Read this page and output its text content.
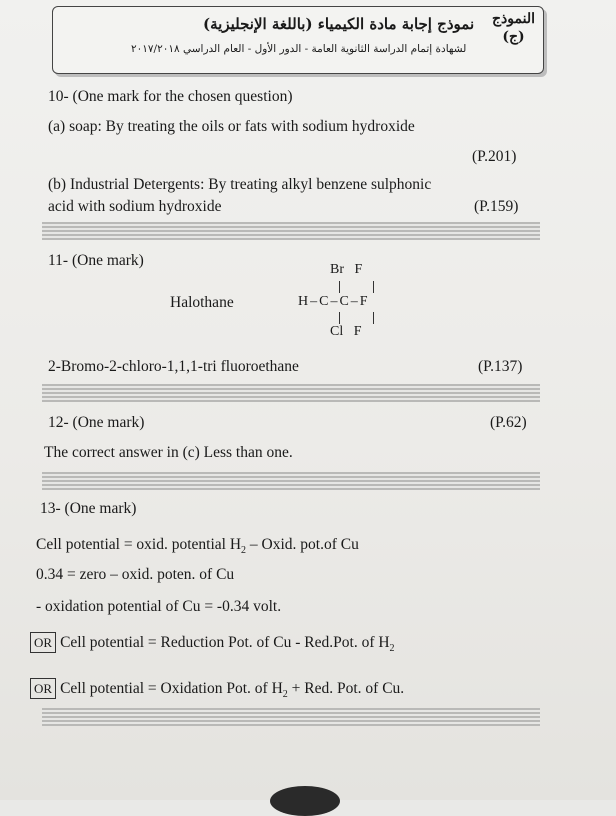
النموذج
(ج)
نموذج إجابة مادة الكيمياء (باللغة الإنجليزية)
لشهادة إتمام الدراسة الثانوية العامة - الدور الأول - العام الدراسي ٢٠١٧/٢٠١٨
10- (One mark for the chosen question)
(a) soap: By treating the oils or fats with sodium hydroxide
(P.201)
(b) Industrial Detergents: By treating alkyl benzene sulphonic
acid with sodium hydroxide	(P.159)
11- (One mark)
Halothane
Br   F
H–C–C–F
Cl   F
2-Bromo-2-chloro-1,1,1-tri fluoroethane	(P.137)
12- (One mark)	(P.62)
The correct answer in (c) Less than one.
13- (One mark)
Cell potential = oxid. potential $H_2$ – Oxid. pot.of Cu
0.34 = zero – oxid. poten. of Cu
- oxidation potential of Cu = -0.34 volt.
OR Cell potential = Reduction Pot. of Cu - Red.Pot. of $H_2$
OR Cell potential = Oxidation Pot. of $H_2$ + Red. Pot. of Cu.
